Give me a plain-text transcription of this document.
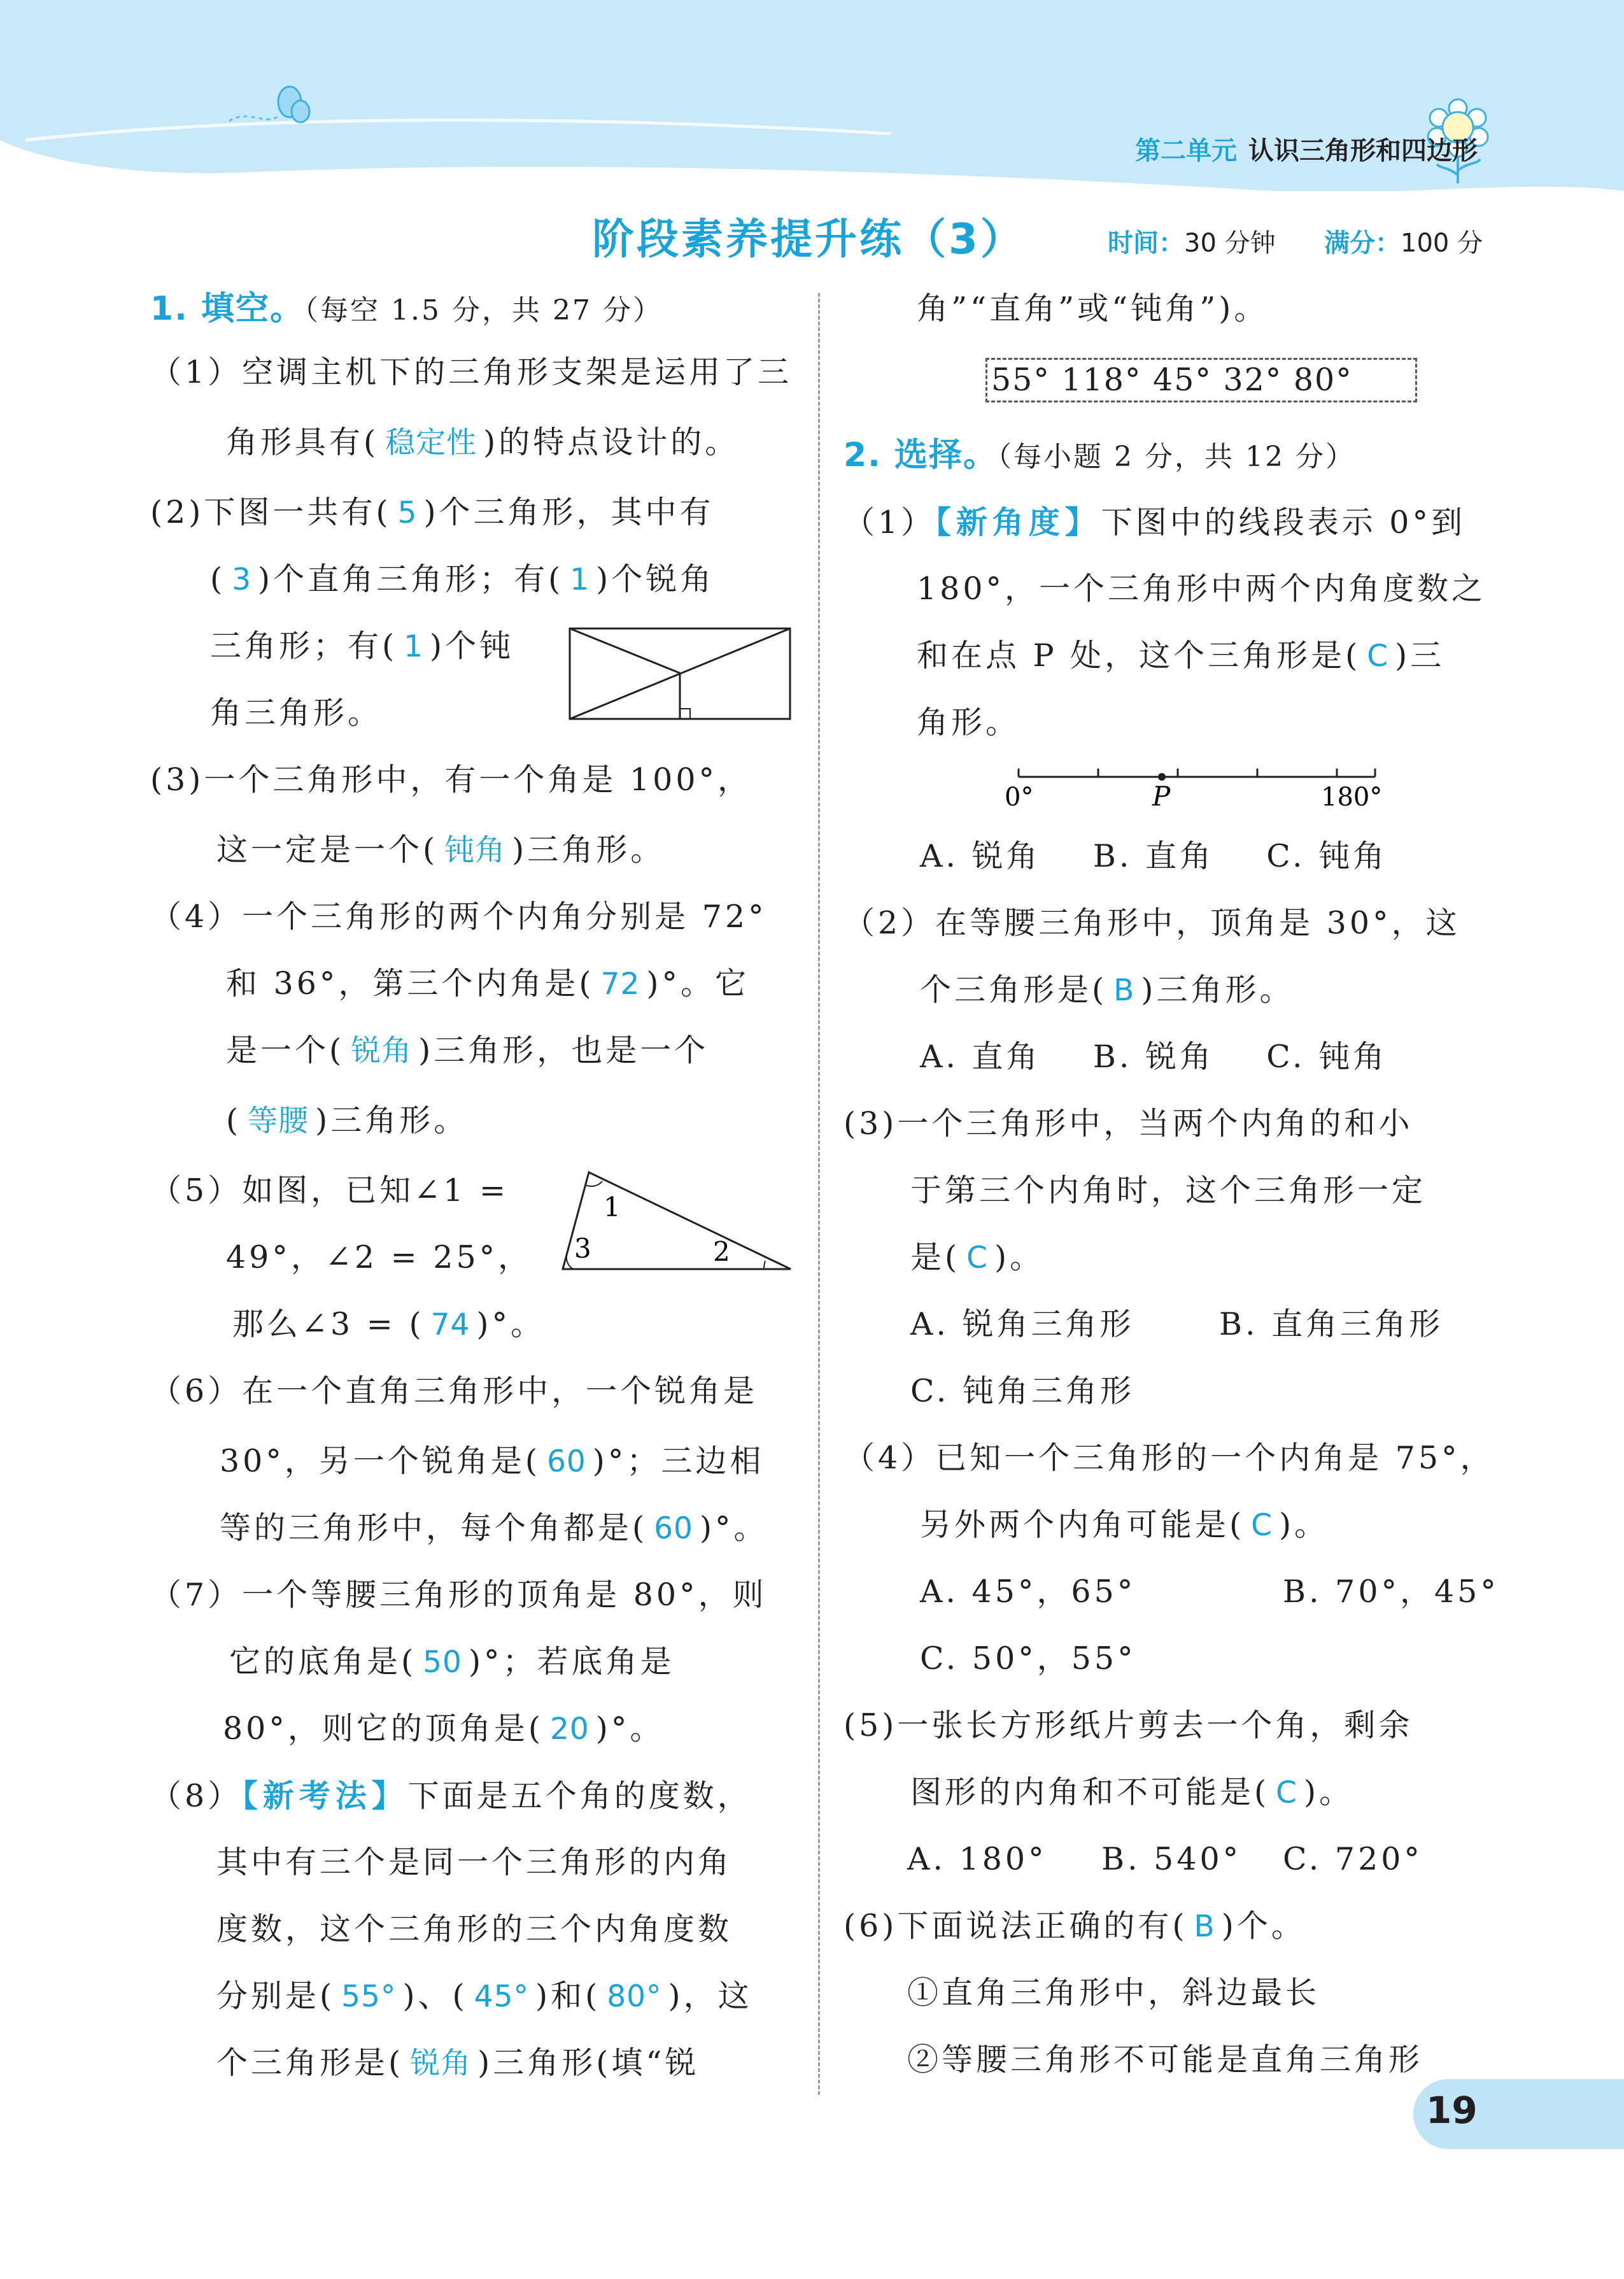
第二单元 认识三角形和四边形
阶段素养提升练（3）	时间：30 分钟 满分：100 分
1. 填空。（每空 1.5 分，共 27 分）
（1）空调主机下的三角形支架是运用了三
角形具有( 稳定性 )的特点设计的。
(2)下图一共有( 5 )个三角形，其中有
( 3 )个直角三角形；有( 1 )个锐角
三角形；有( 1 )个钝
角三角形。
(3)一个三角形中，有一个角是 100°，
这一定是一个( 钝角 )三角形。
（4）一个三角形的两个内角分别是 72°
和 36°，第三个内角是( 72 )°。它
是一个( 锐角 )三角形，也是一个
( 等腰 )三角形。
（5）如图，已知∠1 =
49°，∠2 = 25°，
那么∠3 = ( 74 )°。
1
3	2
（6）在一个直角三角形中，一个锐角是
30°，另一个锐角是( 60 )°；三边相
等的三角形中，每个角都是( 60 )°。
（7）一个等腰三角形的顶角是 80°，则
它的底角是( 50 )°；若底角是
80°，则它的顶角是( 20 )°。
（8）【新考法】下面是五个角的度数，
其中有三个是同一个三角形的内角
度数，这个三角形的三个内角度数
分别是( 55° )、( 45° )和( 80° )，这
个三角形是( 锐角 )三角形(填“锐
角”“直角”或“钝角”)。
55° 118° 45° 32° 80°
2. 选择。（每小题 2 分，共 12 分）
（1）【新角度】下图中的线段表示 0°到
180°，一个三角形中两个内角度数之
和在点 P 处，这个三角形是( C )三
角形。
0°	P	180°
A. 锐角    B. 直角    C. 钝角
（2）在等腰三角形中，顶角是 30°，这
个三角形是( B )三角形。
A. 直角    B. 锐角    C. 钝角
(3)一个三角形中，当两个内角的和小
于第三个内角时，这个三角形一定
是( C )。
A. 锐角三角形	B. 直角三角形
C. 钝角三角形
（4）已知一个三角形的一个内角是 75°，
另外两个内角可能是( C )。
A. 45°，65°	B. 70°，45°
C. 50°，55°
(5)一张长方形纸片剪去一个角，剩余
图形的内角和不可能是( C )。
A. 180° B. 540° C. 720°
(6)下面说法正确的有( B )个。
①直角三角形中，斜边最长
②等腰三角形不可能是直角三角形
19
